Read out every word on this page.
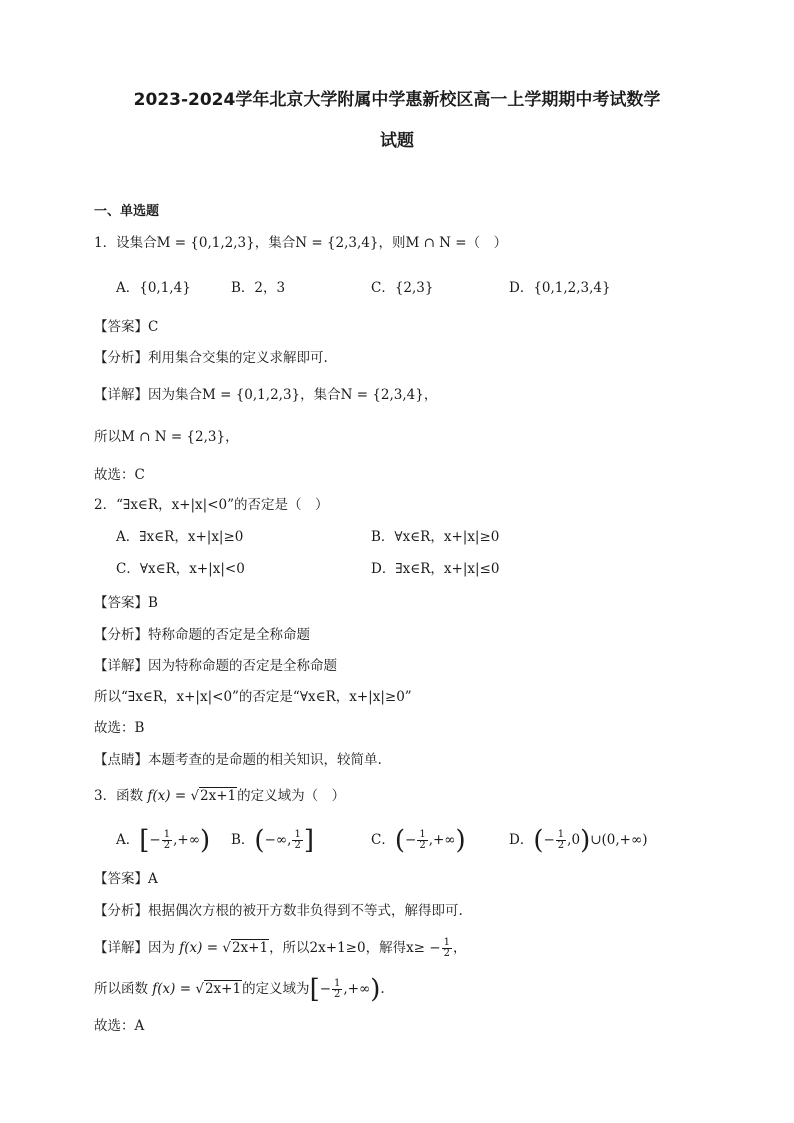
2023-2024学年北京大学附属中学惠新校区高一上学期期中考试数学
试题
一、单选题
1．设集合M = {0,1,2,3}，集合N = {2,3,4}，则M ∩ N =（　）
A．{0,1,4}	B．2，3	C．{2,3}	D．{0,1,2,3,4}
【答案】C
【分析】利用集合交集的定义求解即可.
【详解】因为集合M = {0,1,2,3}，集合N = {2,3,4}，
所以M ∩ N = {2,3}，
故选：C
2．“∃x∈R，x+|x|<0”的否定是（　）
A．∃x∈R，x+|x|≥0	B．∀x∈R，x+|x|≥0
C．∀x∈R，x+|x|<0	D．∃x∈R，x+|x|≤0
【答案】B
【分析】特称命题的否定是全称命题
【详解】因为特称命题的否定是全称命题
所以“∃x∈R，x+|x|<0”的否定是“∀x∈R，x+|x|≥0”
故选：B
【点睛】本题考查的是命题的相关知识，较简单.
3．函数 f(x) = √2x+1的定义域为（　）
A．[− $\frac{1}{2}$ ,+∞) B．(−∞, $\frac{1}{2}$ ]	C．(− $\frac{1}{2}$ ,+∞)	D．(− $\frac{1}{2}$ ,0)∪(0,+∞)
【答案】A
【分析】根据偶次方根的被开方数非负得到不等式，解得即可.
【详解】因为 f(x) = √2x+1，所以2x+1≥0，解得$x\ge - \frac{1}{2}$ ，
所以函数 f(x) = √2x+1的定义域为[− $\frac{1}{2}$ ,+∞).
故选：A
